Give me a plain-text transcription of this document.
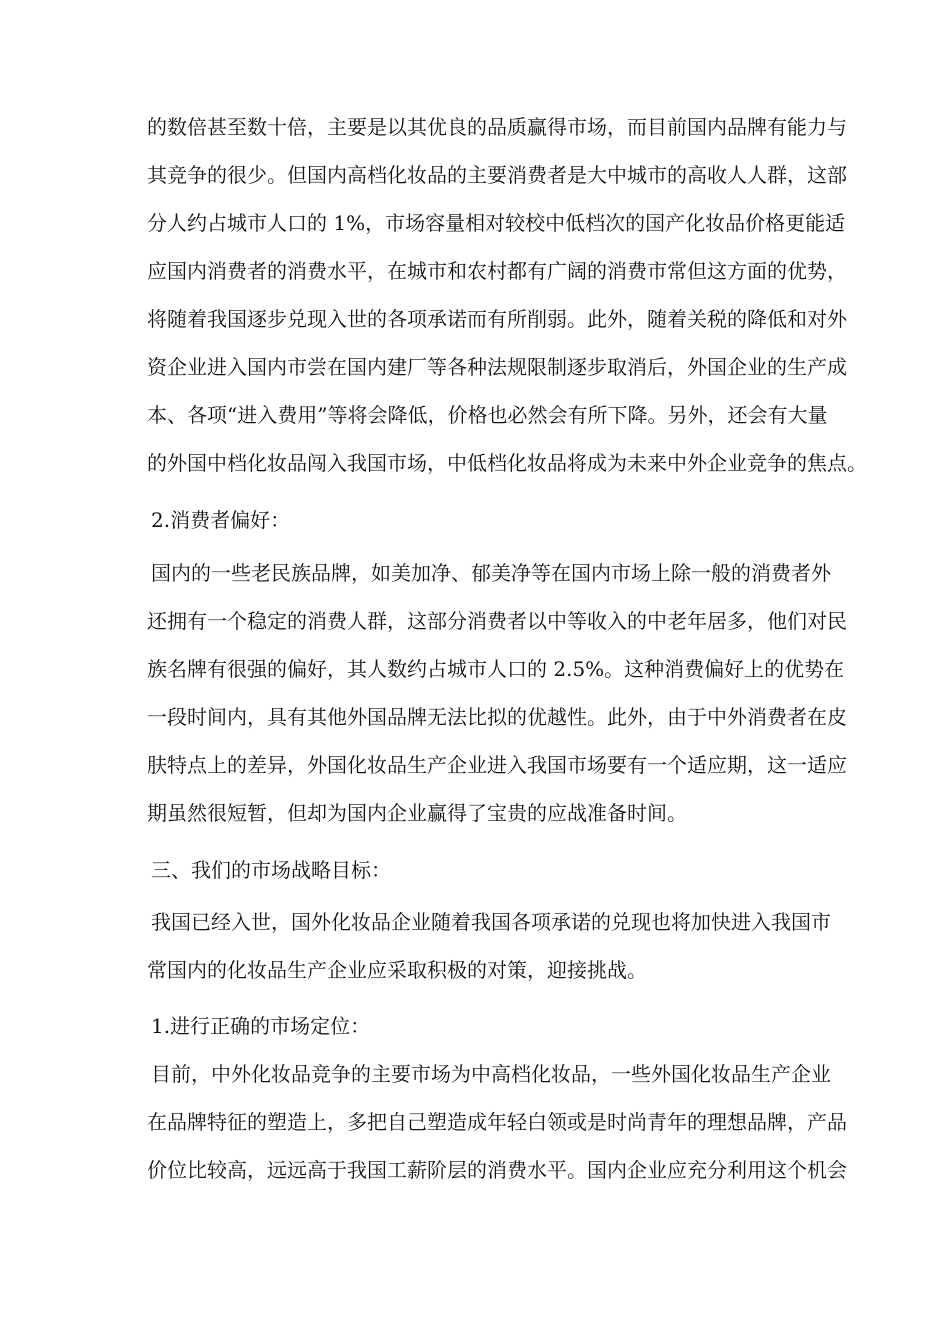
的数倍甚至数十倍，主要是以其优良的品质赢得市场，而目前国内品牌有能力与
其竞争的很少。但国内高档化妆品的主要消费者是大中城市的高收人人群，这部
分人约占城市人口的 1%，市场容量相对较校中低档次的国产化妆品价格更能适
应国内消费者的消费水平，在城市和农村都有广阔的消费市常但这方面的优势，
将随着我国逐步兑现入世的各项承诺而有所削弱。此外，随着关税的降低和对外
资企业进入国内市尝在国内建厂等各种法规限制逐步取消后，外国企业的生产成
本、各项“进入费用”等将会降低，价格也必然会有所下降。另外，还会有大量
的外国中档化妆品闯入我国市场，中低档化妆品将成为未来中外企业竞争的焦点。
2.消费者偏好：
国内的一些老民族品牌，如美加净、郁美净等在国内市场上除一般的消费者外
还拥有一个稳定的消费人群，这部分消费者以中等收入的中老年居多，他们对民
族名牌有很强的偏好，其人数约占城市人口的 2.5%。这种消费偏好上的优势在
一段时间内，具有其他外国品牌无法比拟的优越性。此外，由于中外消费者在皮
肤特点上的差异，外国化妆品生产企业进入我国市场要有一个适应期，这一适应
期虽然很短暂，但却为国内企业赢得了宝贵的应战准备时间。
三、我们的市场战略目标：
我国已经入世，国外化妆品企业随着我国各项承诺的兑现也将加快进入我国市
常国内的化妆品生产企业应采取积极的对策，迎接挑战。
1.进行正确的市场定位：
目前，中外化妆品竞争的主要市场为中高档化妆品，一些外国化妆品生产企业
在品牌特征的塑造上，多把自己塑造成年轻白领或是时尚青年的理想品牌，产品
价位比较高，远远高于我国工薪阶层的消费水平。国内企业应充分利用这个机会
